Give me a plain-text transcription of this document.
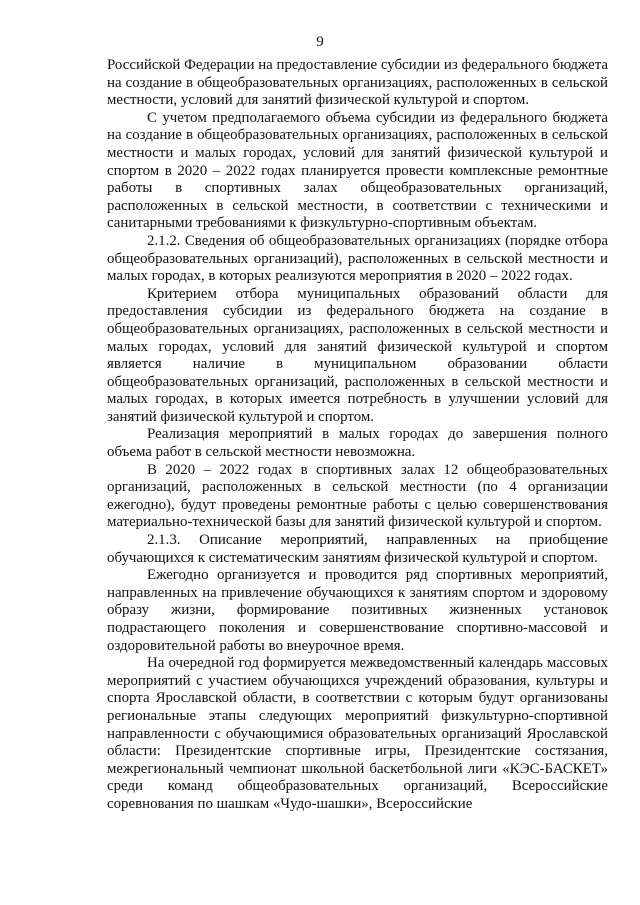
9

Российской Федерации на предоставление субсидии из федерального бюджета на создание в общеобразовательных организациях, расположенных в сельской местности, условий для занятий физической культурой и спортом.

С учетом предполагаемого объема субсидии из федерального бюджета на создание в общеобразовательных организациях, расположенных в сельской местности и малых городах, условий для занятий физической культурой и спортом в 2020 – 2022 годах планируется провести комплексные ремонтные работы в спортивных залах общеобразовательных организаций, расположенных в сельской местности, в соответствии с техническими и санитарными требованиями к физкультурно-спортивным объектам.

2.1.2. Сведения об общеобразовательных организациях (порядке отбора общеобразовательных организаций), расположенных в сельской местности и малых городах, в которых реализуются мероприятия в 2020 – 2022 годах.

Критерием отбора муниципальных образований области для предоставления субсидии из федерального бюджета на создание в общеобразовательных организациях, расположенных в сельской местности и малых городах, условий для занятий физической культурой и спортом является наличие в муниципальном образовании области общеобразовательных организаций, расположенных в сельской местности и малых городах, в которых имеется потребность в улучшении условий для занятий физической культурой и спортом.

Реализация мероприятий в малых городах до завершения полного объема работ в сельской местности невозможна.

В 2020 – 2022 годах в спортивных залах 12 общеобразовательных организаций, расположенных в сельской местности (по 4 организации ежегодно), будут проведены ремонтные работы с целью совершенствования материально-технической базы для занятий физической культурой и спортом.

2.1.3. Описание мероприятий, направленных на приобщение обучающихся к систематическим занятиям физической культурой и спортом.

Ежегодно организуется и проводится ряд спортивных мероприятий, направленных на привлечение обучающихся к занятиям спортом и здоровому образу жизни, формирование позитивных жизненных установок подрастающего поколения и совершенствование спортивно-массовой и оздоровительной работы во внеурочное время.

На очередной год формируется межведомственный календарь массовых мероприятий с участием обучающихся учреждений образования, культуры и спорта Ярославской области, в соответствии с которым будут организованы региональные этапы следующих мероприятий физкультурно-спортивной направленности с обучающимися образовательных организаций Ярославской области: Президентские спортивные игры, Президентские состязания, межрегиональный чемпионат школьной баскетбольной лиги «КЭС-БАСКЕТ» среди команд общеобразовательных организаций, Всероссийские соревнования по шашкам «Чудо-шашки», Всероссийские
